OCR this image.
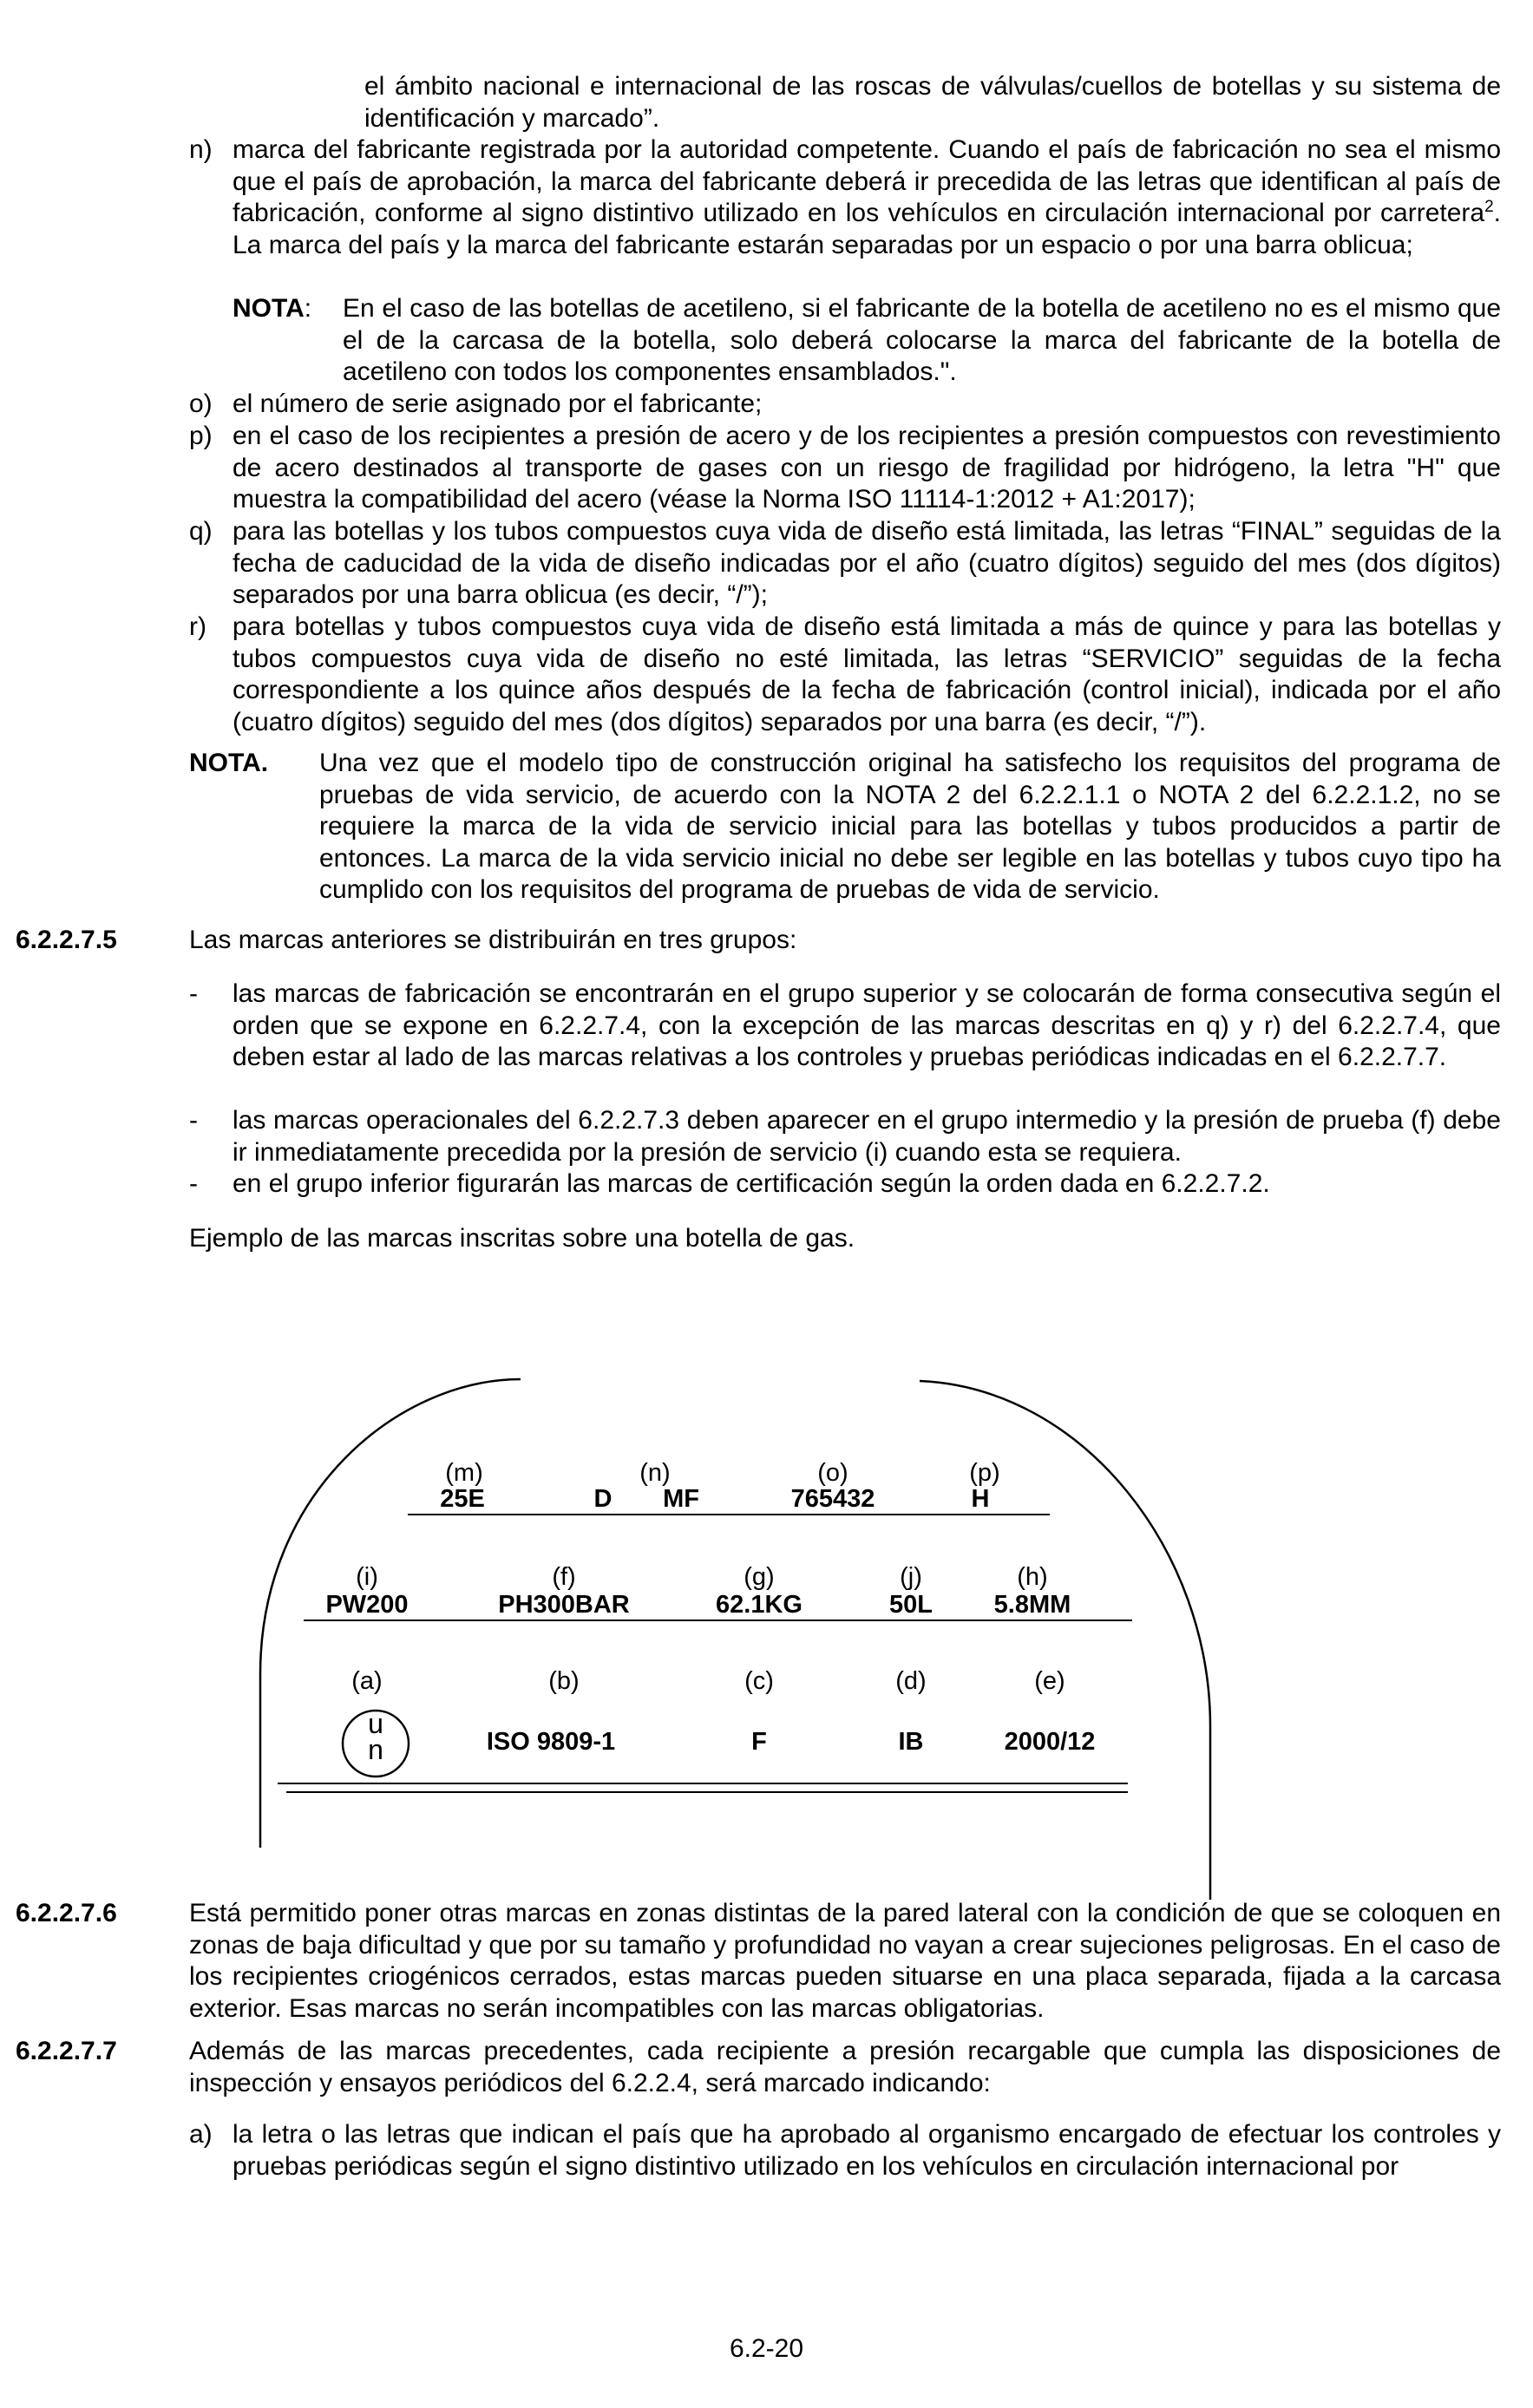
el ámbito nacional e internacional de las roscas de válvulas/cuellos de botellas y su sistema de identificación y marcado”.
n) marca del fabricante registrada por la autoridad competente. Cuando el país de fabricación no sea el mismo que el país de aprobación, la marca del fabricante deberá ir precedida de las letras que identifican al país de fabricación, conforme al signo distintivo utilizado en los vehículos en circulación internacional por carretera$^2$. La marca del país y la marca del fabricante estarán separadas por un espacio o por una barra oblicua;
NOTA: En el caso de las botellas de acetileno, si el fabricante de la botella de acetileno no es el mismo que el de la carcasa de la botella, solo deberá colocarse la marca del fabricante de la botella de acetileno con todos los componentes ensamblados.".
o) el número de serie asignado por el fabricante;
p) en el caso de los recipientes a presión de acero y de los recipientes a presión compuestos con revestimiento de acero destinados al transporte de gases con un riesgo de fragilidad por hidrógeno, la letra "H" que muestra la compatibilidad del acero (véase la Norma ISO 11114-1:2012 + A1:2017);
q) para las botellas y los tubos compuestos cuya vida de diseño está limitada, las letras “FINAL” seguidas de la fecha de caducidad de la vida de diseño indicadas por el año (cuatro dígitos) seguido del mes (dos dígitos) separados por una barra oblicua (es decir, “/”);
r) para botellas y tubos compuestos cuya vida de diseño está limitada a más de quince y para las botellas y tubos compuestos cuya vida de diseño no esté limitada, las letras “SERVICIO” seguidas de la fecha correspondiente a los quince años después de la fecha de fabricación (control inicial), indicada por el año (cuatro dígitos) seguido del mes (dos dígitos) separados por una barra (es decir, “/”).
NOTA. Una vez que el modelo tipo de construcción original ha satisfecho los requisitos del programa de pruebas de vida servicio, de acuerdo con la NOTA 2 del 6.2.2.1.1 o NOTA 2 del 6.2.2.1.2, no se requiere la marca de la vida de servicio inicial para las botellas y tubos producidos a partir de entonces. La marca de la vida servicio inicial no debe ser legible en las botellas y tubos cuyo tipo ha cumplido con los requisitos del programa de pruebas de vida de servicio.
6.2.2.7.5	Las marcas anteriores se distribuirán en tres grupos:
- las marcas de fabricación se encontrarán en el grupo superior y se colocarán de forma consecutiva según el orden que se expone en 6.2.2.7.4, con la excepción de las marcas descritas en q) y r) del 6.2.2.7.4, que deben estar al lado de las marcas relativas a los controles y pruebas periódicas indicadas en el 6.2.2.7.7.
- las marcas operacionales del 6.2.2.7.3 deben aparecer en el grupo intermedio y la presión de prueba (f) debe ir inmediatamente precedida por la presión de servicio (i) cuando esta se requiera.
- en el grupo inferior figurarán las marcas de certificación según la orden dada en 6.2.2.7.2.
Ejemplo de las marcas inscritas sobre una botella de gas.
(m)	(n)	(o)	(p)
25E	D	MF	765432	H
(i)	(f)	(g)	(j)	(h)
PW200	PH300BAR	62.1KG	50L	5.8MM
(a)	(b)	(c)	(d)	(e)
u
n	ISO 9809-1	F	IB	2000/12
6.2.2.7.6	Está permitido poner otras marcas en zonas distintas de la pared lateral con la condición de que se coloquen en zonas de baja dificultad y que por su tamaño y profundidad no vayan a crear sujeciones peligrosas. En el caso de los recipientes criogénicos cerrados, estas marcas pueden situarse en una placa separada, fijada a la carcasa exterior. Esas marcas no serán incompatibles con las marcas obligatorias.
6.2.2.7.7	Además de las marcas precedentes, cada recipiente a presión recargable que cumpla las disposiciones de inspección y ensayos periódicos del 6.2.2.4, será marcado indicando:
a) la letra o las letras que indican el país que ha aprobado al organismo encargado de efectuar los controles y pruebas periódicas según el signo distintivo utilizado en los vehículos en circulación internacional por
6.2-20
